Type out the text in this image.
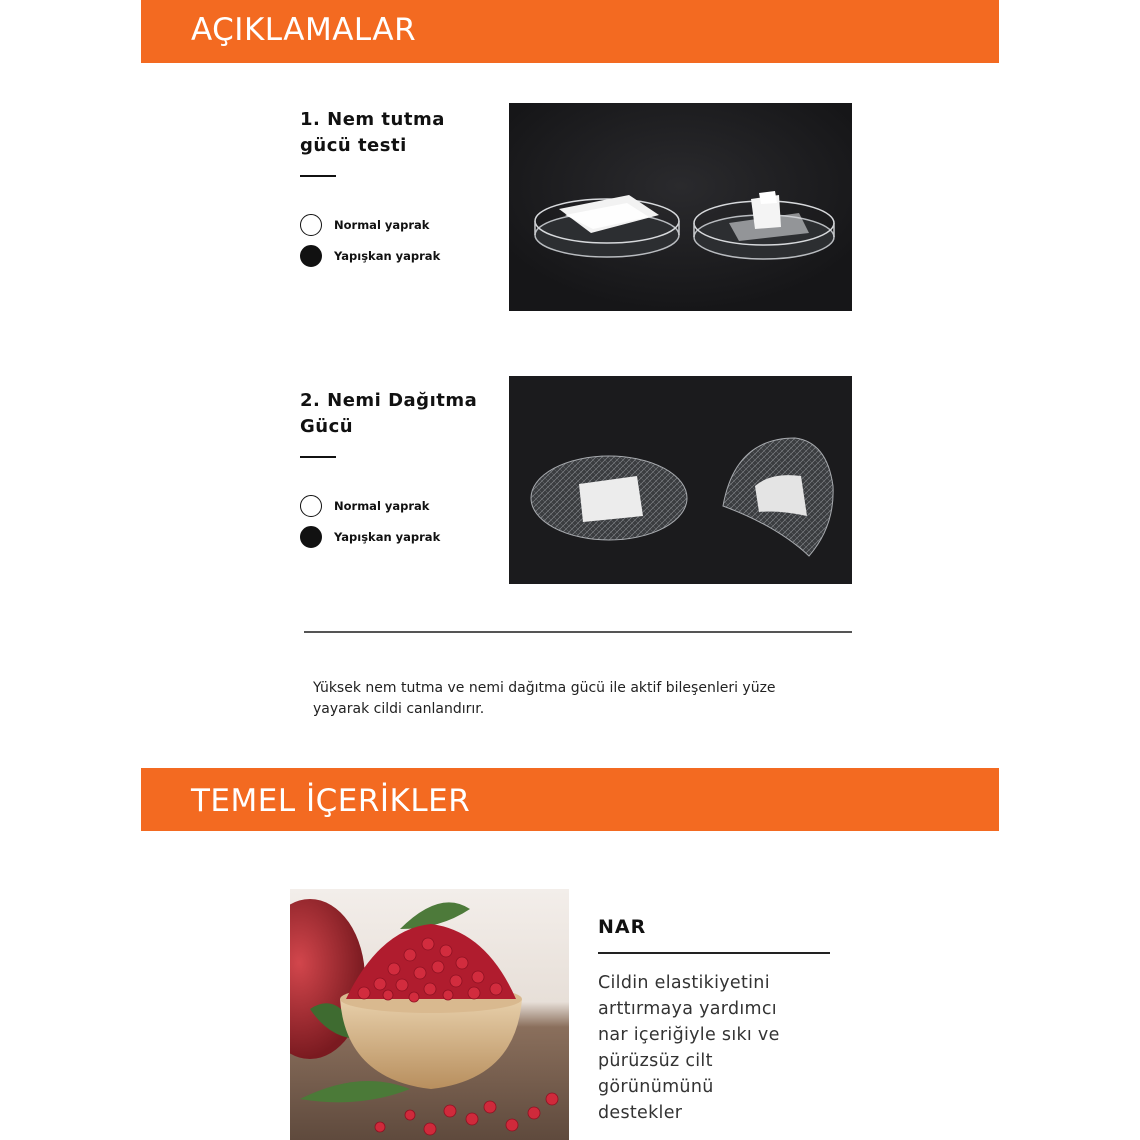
AÇIKLAMALAR
1. Nem tutma
gücü testi
Normal yaprak
Yapışkan yaprak
2. Nemi Dağıtma
Gücü
Normal yaprak
Yapışkan yaprak
Yüksek nem tutma ve nemi dağıtma gücü ile aktif bileşenleri yüze
yayarak cildi canlandırır.
TEMEL İÇERİKLER
NAR
Cildin elastikiyetini
arttırmaya yardımcı
nar içeriğiyle sıkı ve
pürüzsüz cilt
görünümünü
destekler
